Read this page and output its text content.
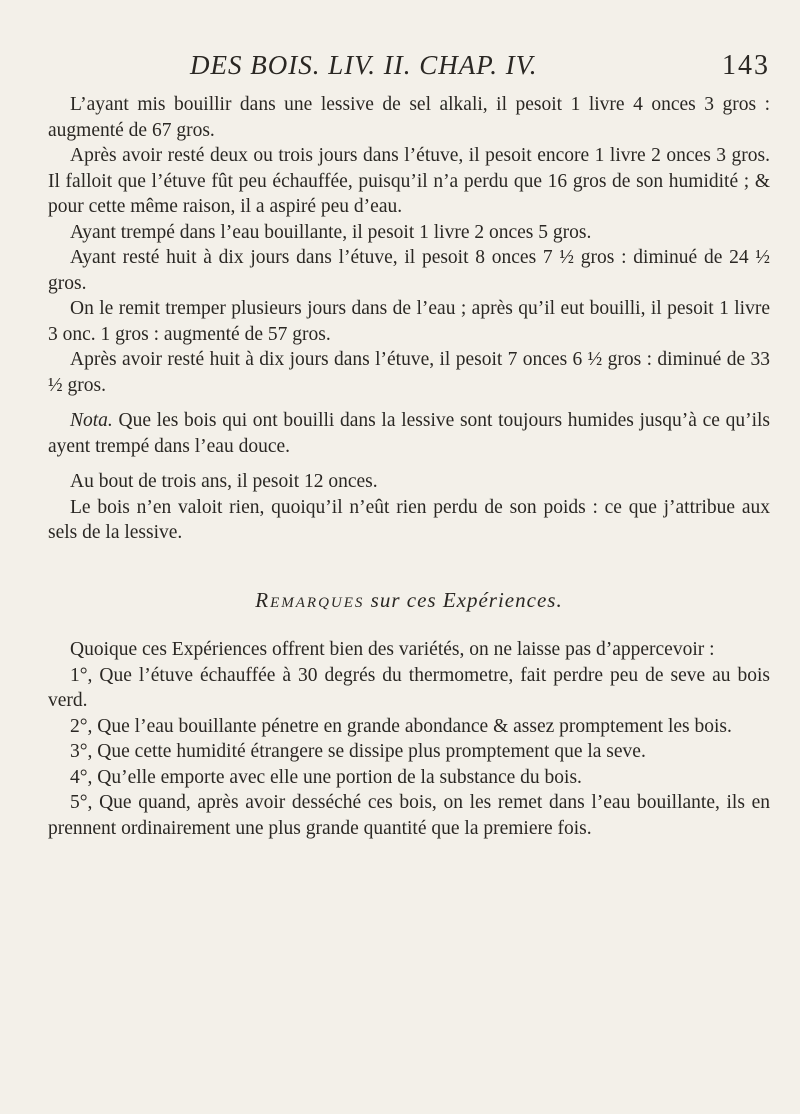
DES BOIS. LIV. II. CHAP. IV.	143

L’ayant mis bouillir dans une lessive de sel alkali, il pesoit 1 livre 4 onces 3 gros : augmenté de 67 gros.

Après avoir resté deux ou trois jours dans l’étuve, il pesoit encore 1 livre 2 onces 3 gros. Il falloit que l’étuve fût peu échauffée, puisqu’il n’a perdu que 16 gros de son humidité ; & pour cette même raison, il a aspiré peu d’eau.

Ayant trempé dans l’eau bouillante, il pesoit 1 livre 2 onces 5 gros.

Ayant resté huit à dix jours dans l’étuve, il pesoit 8 onces 7 ½ gros : diminué de 24 ½ gros.

On le remit tremper plusieurs jours dans de l’eau ; après qu’il eut bouilli, il pesoit 1 livre 3 onc. 1 gros : augmenté de 57 gros.

Après avoir resté huit à dix jours dans l’étuve, il pesoit 7 onces 6 ½ gros : diminué de 33 ½ gros.

Nota. Que les bois qui ont bouilli dans la lessive sont toujours humides jusqu’à ce qu’ils ayent trempé dans l’eau douce.

Au bout de trois ans, il pesoit 12 onces.

Le bois n’en valoit rien, quoiqu’il n’eût rien perdu de son poids : ce que j’attribue aux sels de la lessive.

Remarques sur ces Expériences.

Quoique ces Expériences offrent bien des variétés, on ne laisse pas d’appercevoir :

1°, Que l’étuve échauffée à 30 degrés du thermometre, fait perdre peu de seve au bois verd.

2°, Que l’eau bouillante pénetre en grande abondance & assez promptement les bois.

3°, Que cette humidité étrangere se dissipe plus promptement que la seve.

4°, Qu’elle emporte avec elle une portion de la substance du bois.

5°, Que quand, après avoir desséché ces bois, on les remet dans l’eau bouillante, ils en prennent ordinairement une plus grande quantité que la premiere fois.
